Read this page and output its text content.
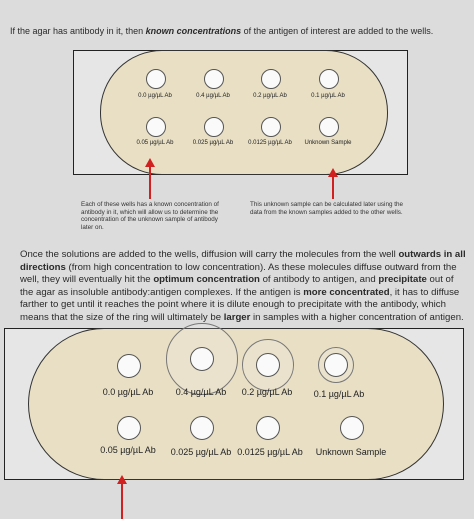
If the agar has antibody in it, then known concentrations of the antigen of interest are added to the wells.
0.0 µg/µL Ab	0.4 µg/µL Ab	0.2 µg/µL Ab	0.1 µg/µL Ab
0.05 µg/µL Ab	0.025 µg/µL Ab 0.0125 µg/µL Ab Unknown Sample
Each of these wells has a known concentration of antibody in it, which will allow us to determine the concentration of the unknown sample of antibody later on.
This unknown sample can be calculated later using the data from the known samples added to the other wells.
Once the solutions are added to the wells, diffusion will carry the molecules from the well outwards in all directions (from high concentration to low concentration). As these molecules diffuse outward from the well, they will eventually hit the optimum concentration of antibody to antigen, and precipitate out of the agar as insoluble antibody:antigen complexes. If the antigen is more concentrated, it has to diffuse farther to get until it reaches the point where it is dilute enough to precipitate with the antibody, which means that the size of the ring will ultimately be larger in samples with a higher concentration of antigen.
0.0 µg/µL Ab 0.4 µg/µL Ab 0.2 µg/µL Ab 0.1 µg/µL Ab
0.05 µg/µL Ab 0.025 µg/µL Ab 0.0125 µg/µL Ab Unknown Sample
